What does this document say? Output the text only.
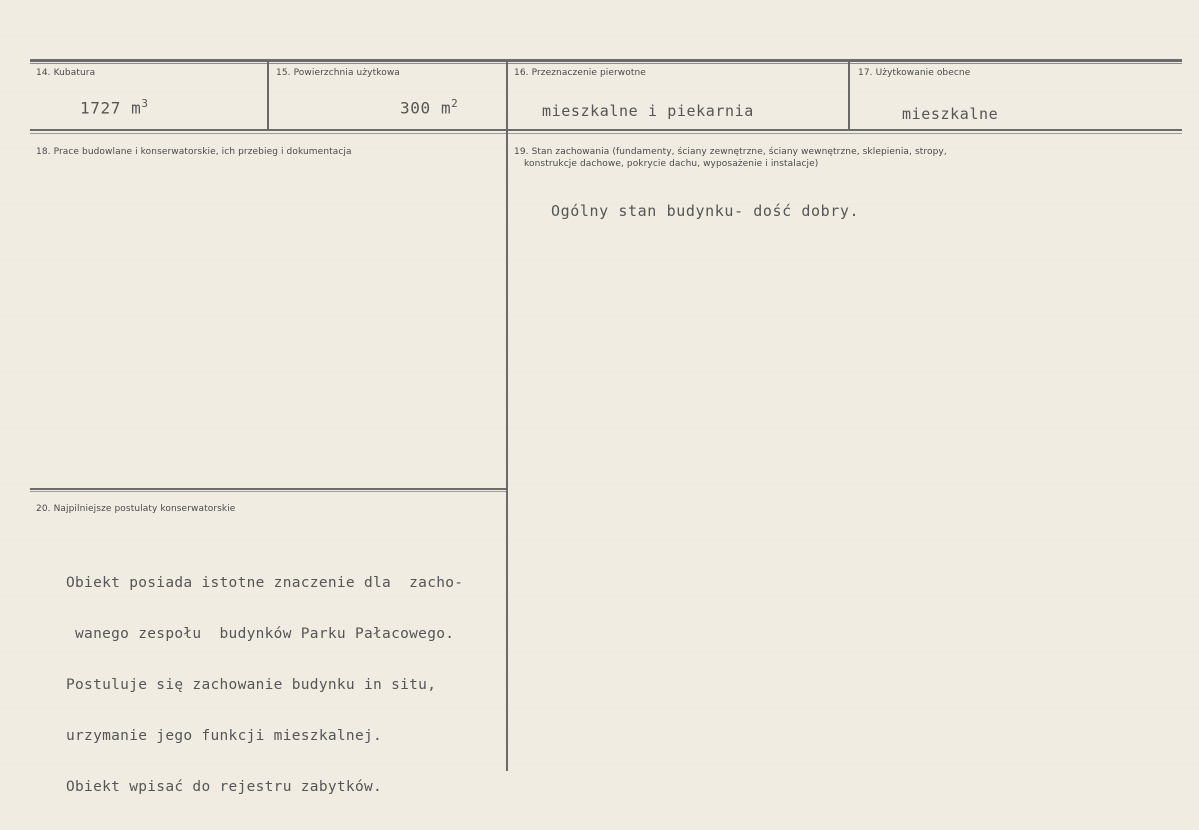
14. Kubatura
1727 $m^3$
15. Powierzchnia użytkowa
300 $m^2$
16. Przeznaczenie pierwotne
mieszkalne i piekarnia
17. Użytkowanie obecne
mieszkalne
18. Prace budowlane i konserwatorskie, ich przebieg i dokumentacja	19. Stan zachowania (fundamenty, ściany zewnętrzne, ściany wewnętrzne, sklepienia, stropy,
konstrukcje dachowe, pokrycie dachu, wyposażenie i instalacje)
Ogólny stan budynku- dość dobry.
20. Najpilniejsze postulaty konserwatorskie

Obiekt posiada istotne znaczenie dla  zacho-

wanego zespołu  budynków Parku Pałacowego.

Postuluje się zachowanie budynku in situ,

urzymanie jego funkcji mieszkalnej.

Obiekt wpisać do rejestru zabytków.
